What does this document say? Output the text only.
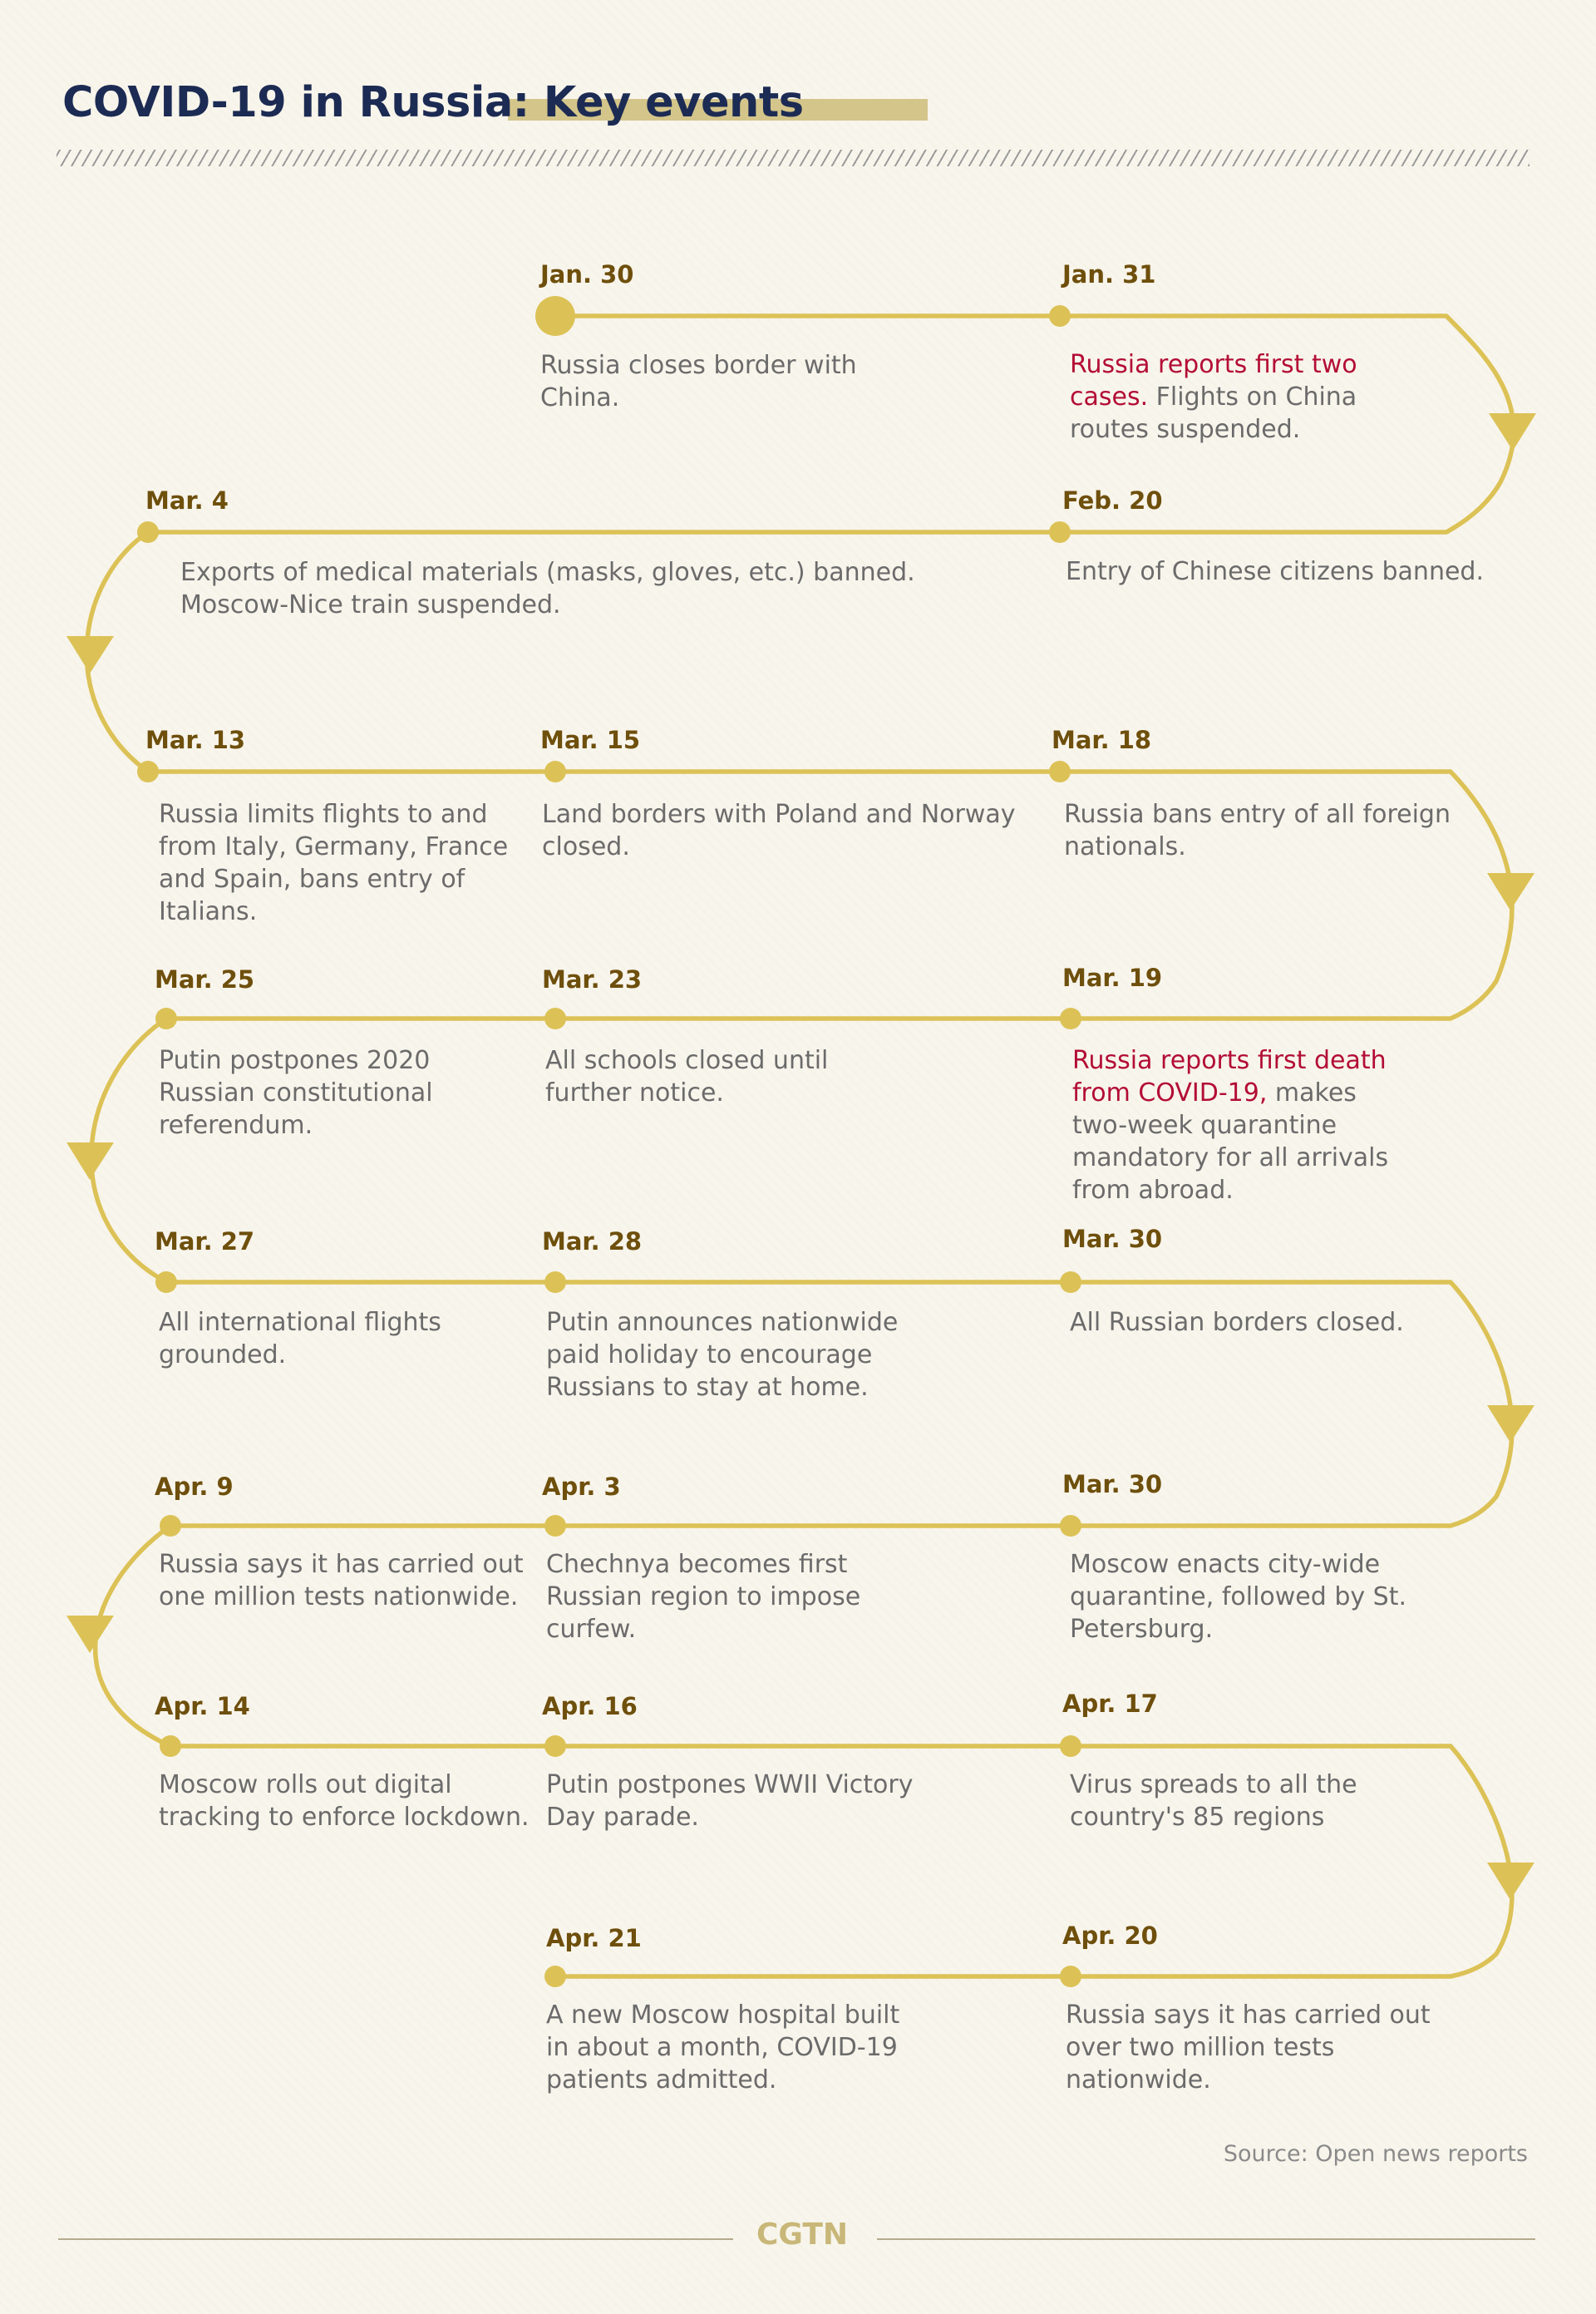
COVID-19 in Russia: Key events
Jan. 30

Russia closes border with China.

Jan. 31

Russia reports first two cases. Flights on China routes suspended.

Feb. 20

Entry of Chinese citizens banned.

Mar. 4

Exports of medical materials (masks, gloves, etc.) banned. Moscow-Nice train suspended.

Mar. 13

Russia limits flights to and from Italy, Germany, France and Spain, bans entry of Italians.

Mar. 15

Land borders with Poland and Norway closed.

Mar. 18

Russia bans entry of all foreign nationals.

Mar. 19

Russia reports first death from COVID-19, makes two-week quarantine mandatory for all arrivals from abroad.

Mar. 23

All schools closed until further notice.

Mar. 25

Putin postpones 2020 Russian constitutional referendum.

Mar. 27

All international flights grounded.

Mar. 28

Putin announces nationwide paid holiday to encourage Russians to stay at home.

Mar. 30

All Russian borders closed.

Mar. 30

Moscow enacts city-wide quarantine, followed by St. Petersburg.

Apr. 3

Chechnya becomes first Russian region to impose curfew.

Apr. 9

Russia says it has carried out one million tests nationwide.

Apr. 14

Moscow rolls out digital tracking to enforce lockdown.

Apr. 16

Putin postpones WWII Victory Day parade.

Apr. 17

Virus spreads to all the country's 85 regions

Apr. 20

Russia says it has carried out over two million tests nationwide.

Apr. 21

A new Moscow hospital built in about a month, COVID-19 patients admitted.

Source: Open news reports
CGTN
